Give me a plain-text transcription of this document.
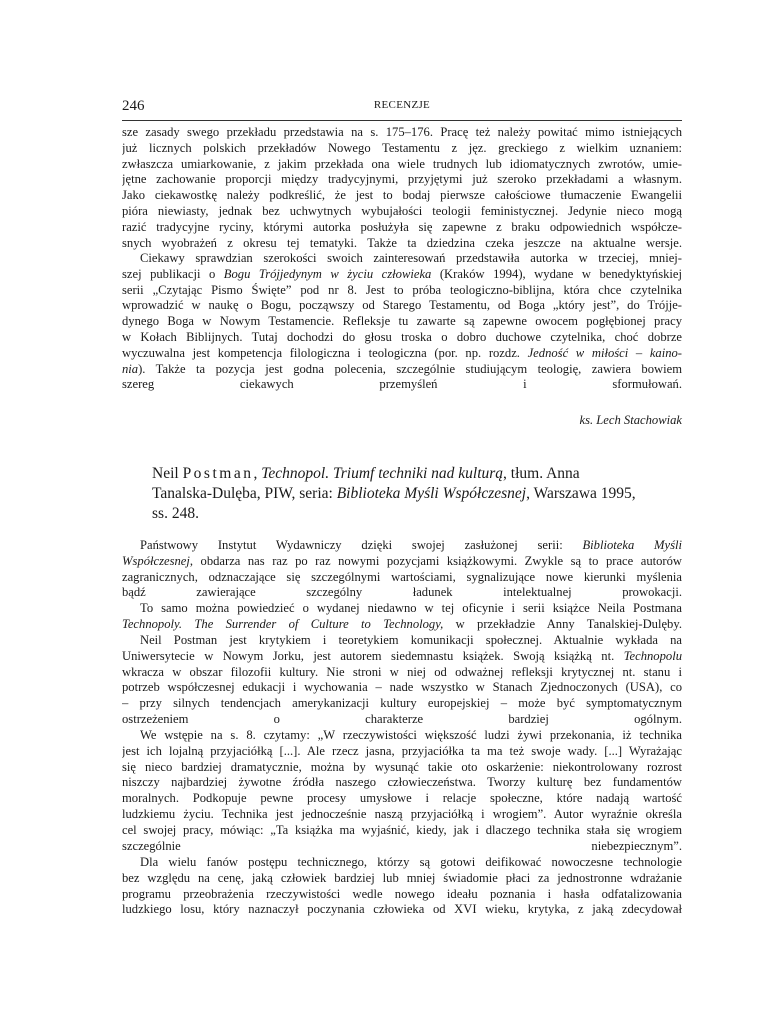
246	RECENZJE
sze zasady swego przekładu przedstawia na s. 175–176. Pracę też należy powitać mimo istniejących
już licznych polskich przekładów Nowego Testamentu z jęz. greckiego z wielkim uznaniem:
zwłaszcza umiarkowanie, z jakim przekłada ona wiele trudnych lub idiomatycznych zwrotów, umie-
jętne zachowanie proporcji między tradycyjnymi, przyjętymi już szeroko przekładami a własnym.
Jako ciekawostkę należy podkreślić, że jest to bodaj pierwsze całościowe tłumaczenie Ewangelii
pióra niewiasty, jednak bez uchwytnych wybujałości teologii feministycznej. Jedynie nieco mogą
razić tradycyjne ryciny, którymi autorka posłużyła się zapewne z braku odpowiednich współcze-
snych wyobrażeń z okresu tej tematyki. Także ta dziedzina czeka jeszcze na aktualne wersje.
Ciekawy sprawdzian szerokości swoich zainteresowań przedstawiła autorka w trzeciej, mniej-
szej publikacji o Bogu Trójjedynym w życiu człowieka (Kraków 1994), wydane w benedyktyńskiej
serii „Czytając Pismo Święte” pod nr 8. Jest to próba teologiczno-biblijna, która chce czytelnika
wprowadzić w naukę o Bogu, począwszy od Starego Testamentu, od Boga „który jest”, do Trójje-
dynego Boga w Nowym Testamencie. Refleksje tu zawarte są zapewne owocem pogłębionej pracy
w Kołach Biblijnych. Tutaj dochodzi do głosu troska o dobro duchowe czytelnika, choć dobrze
wyczuwalna jest kompetencja filologiczna i teologiczna (por. np. rozdz. Jedność w miłości – kaino-
nia). Także ta pozycja jest godna polecenia, szczególnie studiującym teologię, zawiera bowiem
szereg ciekawych przemyśleń i sformułowań.
ks. Lech Stachowiak
Neil Postman, Technopol. Triumf techniki nad kulturą, tłum. Anna
Tanalska-Dulęba, PIW, seria: Biblioteka Myśli Współczesnej, Warszawa 1995,
ss. 248.
Państwowy Instytut Wydawniczy dzięki swojej zasłużonej serii: Biblioteka Myśli
Współczesnej, obdarza nas raz po raz nowymi pozycjami książkowymi. Zwykle są to prace autorów
zagranicznych, odznaczające się szczególnymi wartościami, sygnalizujące nowe kierunki myślenia
bądź zawierające szczególny ładunek intelektualnej prowokacji.
To samo można powiedzieć o wydanej niedawno w tej oficynie i serii książce Neila Postmana
Technopoly. The Surrender of Culture to Technology, w przekładzie Anny Tanalskiej-Dulęby.
Neil Postman jest krytykiem i teoretykiem komunikacji społecznej. Aktualnie wykłada na
Uniwersytecie w Nowym Jorku, jest autorem siedemnastu książek. Swoją książką nt. Technopolu
wkracza w obszar filozofii kultury. Nie stroni w niej od odważnej refleksji krytycznej nt. stanu i
potrzeb współczesnej edukacji i wychowania – nade wszystko w Stanach Zjednoczonych (USA), co
– przy silnych tendencjach amerykanizacji kultury europejskiej – może być symptomatycznym
ostrzeżeniem o charakterze bardziej ogólnym.
We wstępie na s. 8. czytamy: „W rzeczywistości większość ludzi żywi przekonania, iż technika
jest ich lojalną przyjaciółką [...]. Ale rzecz jasna, przyjaciółka ta ma też swoje wady. [...] Wyrażając
się nieco bardziej dramatycznie, można by wysunąć takie oto oskarżenie: niekontrolowany rozrost
niszczy najbardziej żywotne źródła naszego człowieczeństwa. Tworzy kulturę bez fundamentów
moralnych. Podkopuje pewne procesy umysłowe i relacje społeczne, które nadają wartość
ludzkiemu życiu. Technika jest jednocześnie naszą przyjaciółką i wrogiem”. Autor wyraźnie określa
cel swojej pracy, mówiąc: „Ta książka ma wyjaśnić, kiedy, jak i dlaczego technika stała się wrogiem
szczególnie niebezpiecznym”.
Dla wielu fanów postępu technicznego, którzy są gotowi deifikować nowoczesne technologie
bez względu na cenę, jaką człowiek bardziej lub mniej świadomie płaci za jednostronne wdrażanie
programu przeobrażenia rzeczywistości wedle nowego ideału poznania i hasła odfatalizowania
ludzkiego losu, który naznaczył poczynania człowieka od XVI wieku, krytyka, z jaką zdecydował
